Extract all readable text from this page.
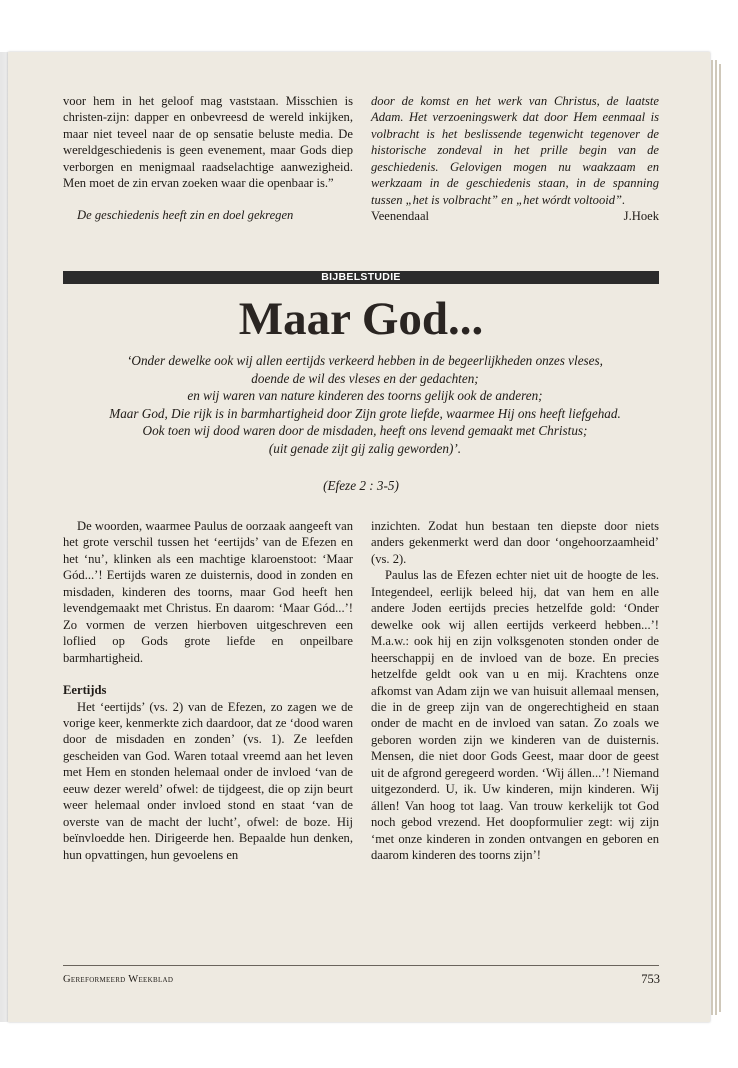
voor hem in het geloof mag vaststaan. Misschien is christen-zijn: dapper en onbevreesd de wereld inkijken, maar niet teveel naar de op sensatie beluste media. De wereldgeschiedenis is geen evenement, maar Gods diep verborgen en menigmaal raadselachtige aanwezigheid. Men moet de zin ervan zoeken waar die openbaar is.”

De geschiedenis heeft zin en doel gekregen

door de komst en het werk van Christus, de laatste Adam. Het verzoeningswerk dat door Hem eenmaal is volbracht is het beslissende tegenwicht tegenover de historische zondeval in het prille begin van de geschiedenis. Gelovigen mogen nu waakzaam en werkzaam in de geschiedenis staan, in de spanning tussen „het is volbracht” en „het wórdt voltooid”.

Veenendaal	J.Hoek

BIJBELSTUDIE
Maar God...
‘Onder dewelke ook wij allen eertijds verkeerd hebben in de begeerlijkheden onzes vleses,
doende de wil des vleses en der gedachten;
en wij waren van nature kinderen des toorns gelijk ook de anderen;
Maar God, Die rijk is in barmhartigheid door Zijn grote liefde, waarmee Hij ons heeft liefgehad.
Ook toen wij dood waren door de misdaden, heeft ons levend gemaakt met Christus;
(uit genade zijt gij zalig geworden)’.
(Efeze 2 : 3-5)

De woorden, waarmee Paulus de oorzaak aangeeft van het grote verschil tussen het ‘eertijds’ van de Efezen en het ‘nu’, klinken als een machtige klaroenstoot: ‘Maar Gód...’! Eertijds waren ze duisternis, dood in zonden en misdaden, kinderen des toorns, maar God heeft hen levendgemaakt met Christus. En daarom: ‘Maar Gód...’! Zo vormen de verzen hierboven uitgeschreven een loflied op Gods grote liefde en onpeilbare barmhartigheid.

Eertijds

Het ‘eertijds’ (vs. 2) van de Efezen, zo zagen we de vorige keer, kenmerkte zich daardoor, dat ze ‘dood waren door de misdaden en zonden’ (vs. 1). Ze leefden gescheiden van God. Waren totaal vreemd aan het leven met Hem en stonden helemaal onder de invloed ‘van de eeuw dezer wereld’ ofwel: de tijdgeest, die op zijn beurt weer helemaal onder invloed stond en staat ‘van de overste van de macht der lucht’, ofwel: de boze. Hij beïnvloedde hen. Dirigeerde hen. Bepaalde hun denken, hun opvattingen, hun gevoelens en

inzichten. Zodat hun bestaan ten diepste door niets anders gekenmerkt werd dan door ‘ongehoorzaamheid’ (vs. 2).

Paulus las de Efezen echter niet uit de hoogte de les. Integendeel, eerlijk beleed hij, dat van hem en alle andere Joden eertijds precies hetzelfde gold: ‘Onder dewelke ook wij allen eertijds verkeerd hebben...’! M.a.w.: ook hij en zijn volksgenoten stonden onder de heerschappij en de invloed van de boze. En precies hetzelfde geldt ook van u en mij. Krachtens onze afkomst van Adam zijn we van huisuit allemaal mensen, die in de greep zijn van de ongerechtigheid en staan onder de macht en de invloed van satan. Zo zoals we geboren worden zijn we kinderen van de duisternis. Mensen, die niet door Gods Geest, maar door de geest uit de afgrond geregeerd worden. ‘Wij állen...’! Niemand uitgezonderd. U, ik. Uw kinderen, mijn kinderen. Wij állen! Van hoog tot laag. Van trouw kerkelijk tot God noch gebod vrezend. Het doopformulier zegt: wij zijn ‘met onze kinderen in zonden ontvangen en geboren en daarom kinderen des toorns zijn’!

Gereformeerd Weekblad	753
